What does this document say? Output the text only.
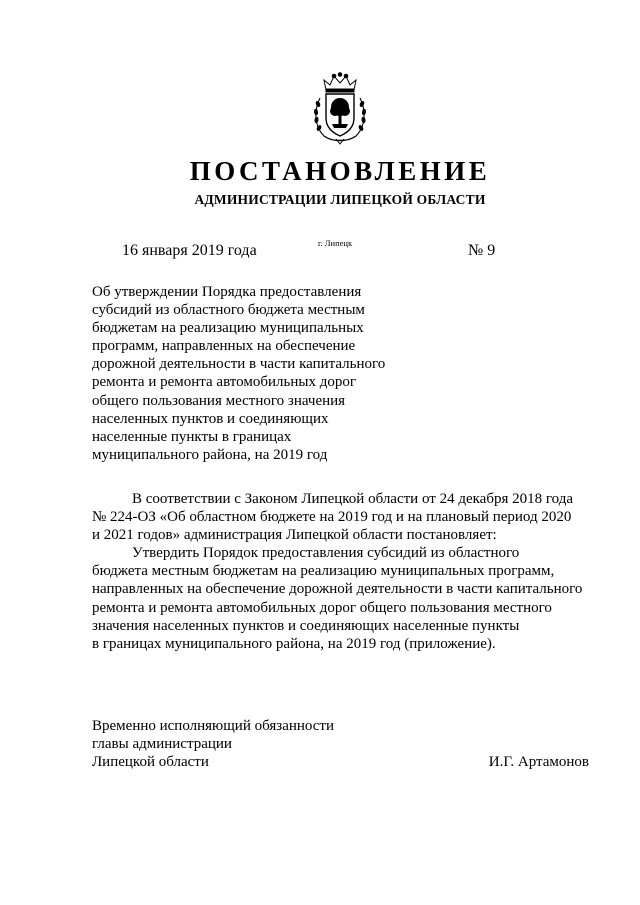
ПОСТАНОВЛЕНИЕ
АДМИНИСТРАЦИИ ЛИПЕЦКОЙ ОБЛАСТИ
16 января 2019 года	г. Липецк	№ 9
Об утверждении Порядка предоставления
субсидий из областного бюджета местным
бюджетам на реализацию муниципальных
программ, направленных на обеспечение
дорожной деятельности в части капитального
ремонта и ремонта автомобильных дорог
общего пользования местного значения
населенных пунктов и соединяющих
населенные пункты в границах
муниципального района, на 2019 год
В соответствии с Законом Липецкой области от 24 декабря 2018 года
№ 224-ОЗ «Об областном бюджете на 2019 год и на плановый период 2020
и 2021 годов» администрация Липецкой области постановляет:
Утвердить Порядок предоставления субсидий из областного
бюджета местным бюджетам на реализацию муниципальных программ,
направленных на обеспечение дорожной деятельности в части капитального
ремонта и ремонта автомобильных дорог общего пользования местного
значения населенных пунктов и соединяющих населенные пункты
в границах муниципального района, на 2019 год (приложение).
Временно исполняющий обязанности
главы администрации
Липецкой области	И.Г. Артамонов
